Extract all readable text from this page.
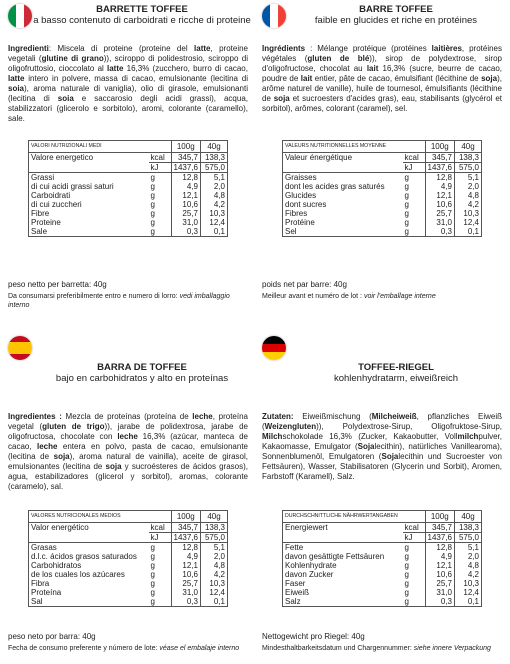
BARRETTE TOFFEE
a basso contenuto di carboidrati e ricche di proteine
Ingredienti: Miscela di proteine (proteine del latte, proteine vegetali (glutine di grano)), sciroppo di polidestrosio, sciroppo di oligofruttosio, cioccolato al latte 16,3% (zucchero, burro di cacao, latte intero in polvere, massa di cacao, emulsionante (lecitina di soia), aroma naturale di vaniglia), olio di girasole, emulsionanti (lecitina di soia e saccarosio degli acidi grassi), acqua, stabilizzatori (glicerolo e sorbitolo), aromi, colorante (caramello), sale.
VALORI NUTRIZIONALI MEDI		100g	40g
Valore energetico	kcal	345,7	138,3
	kJ	1437,6	575,0
Grassi	g	12,8	5,1
di cui acidi grassi saturi	g	4,9	2,0
Carboidrati	g	12,1	4,8
di cui zuccheri	g	10,6	4,2
Fibre	g	25,7	10,3
Proteine	g	31,0	12,4
Sale	g	0,3	0,1
peso netto per barretta: 40g
Da consumarsi preferibilmente entro e numero di lorro: vedi imballaggio interno
BARRE TOFFEE
faible en glucides et riche en protéines
Ingrédients : Mélange protéique (protéines laitières, protéines végétales (gluten de blé)), sirop de polydextrose, sirop d'oligofructose, chocolat au lait 16,3% (sucre, beurre de cacao, poudre de lait entier, pâte de cacao, émulsifiant (lécithine de soja), arôme naturel de vanille), huile de tournesol, émulsifiants (lécithine de soja et sucroesters d'acides gras), eau, stabilisants (glycérol et sorbitol), arômes, colorant (caramel), sel.
VALEURS NUTRITIONNELLES MOYENNE		100g	40g
Valeur énergétique	kcal	345,7	138,3
	kJ	1437,6	575,0
Graisses	g	12,8	5,1
dont les acides gras saturés	g	4,9	2,0
Glucides	g	12,1	4,8
dont sucres	g	10,6	4,2
Fibres	g	25,7	10,3
Protéine	g	31,0	12,4
Sel	g	0,3	0,1
poids net par barre: 40g
Meilleur avant et numéro de lot : voir l'emballage interne
BARRA DE TOFFEE
bajo en carbohidratos y alto en proteínas
Ingredientes : Mezcla de proteínas (proteína de leche, proteína vegetal (gluten de trigo)), jarabe de polidextrosa, jarabe de oligofructosa, chocolate con leche 16,3% (azúcar, manteca de cacao, leche entera en polvo, pasta de cacao, emulsionante (lecitina de soja), aroma natural de vainilla), aceite de girasol, emulsionantes (lecitina de soja y sucroésteres de ácidos grasos), agua, estabilizadores (glicerol y sorbitol), aromas, colorante (caramelo), sal.
VALORES NUTRICIONALES MEDIOS		100g	40g
Valor energético	kcal	345,7	138,3
	kJ	1437,6	575,0
Grasas	g	12,8	5,1
d.l.c. ácidos grasos saturados	g	4,9	2,0
Carbohidratos	g	12,1	4,8
de los cuales los azúcares	g	10,6	4,2
Fibra	g	25,7	10,3
Proteína	g	31,0	12,4
Sal	g	0,3	0,1
peso neto por barra: 40g
Fecha de consumo preferente y número de lote: véase el embalaje interno
TOFFEE-RIEGEL
kohlenhydratarm, eiweißreich
Zutaten: Eiweißmischung (Milcheiweiß, pflanzliches Eiweiß (Weizengluten)), Polydextrose-Sirup, Oligofruktose-Sirup, Milchschokolade 16,3% (Zucker, Kakaobutter, Vollmilchpulver, Kakaomasse, Emulgator (Sojalecithin), natürliches Vanillearoma), Sonnenblumenöl, Emulgatoren (Sojalecithin und Sucroester von Fettsäuren), Wasser, Stabilisatoren (Glycerin und Sorbit), Aromen, Farbstoff (Karamell), Salz.
DURCHSCHNITTLICHE NÄHRWERTANGABEN		100g	40g
Energiewert	kcal	345,7	138,3
	kJ	1437,6	575,0
Fette	g	12,8	5,1
davon gesättigte Fettsäuren	g	4,9	2,0
Kohlenhydrate	g	12,1	4,8
davon Zucker	g	10,6	4,2
Faser	g	25,7	10,3
Eiweiß	g	31,0	12,4
Salz	g	0,3	0,1
Nettogewicht pro Riegel: 40g
Mindesthaltbarkeitsdatum und Chargennummer: siehe innere Verpackung
